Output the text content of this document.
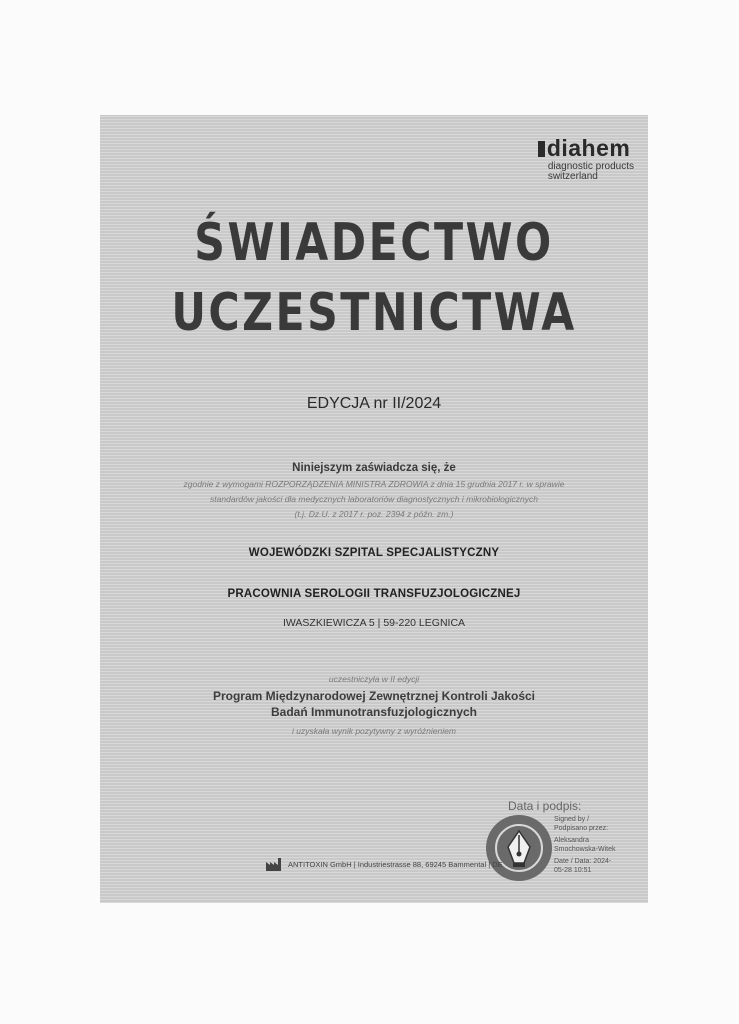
diahem
diagnostic products
switzerland
ŚWIADECTWO
UCZESTNICTWA
EDYCJA nr II/2024
Niniejszym zaświadcza się, że
zgodnie z wymogami ROZPORZĄDZENIA MINISTRA ZDROWIA z dnia 15 grudnia 2017 r. w sprawie
standardów jakości dla medycznych laboratoriów diagnostycznych i mikrobiologicznych
(t.j. Dz.U. z 2017 r. poz. 2394 z późn. zm.)
WOJEWÓDZKI SZPITAL SPECJALISTYCZNY
PRACOWNIA SEROLOGII TRANSFUZJOLOGICZNEJ
IWASZKIEWICZA 5 | 59-220 LEGNICA
uczestniczyła w II edycji
Program Międzynarodowej Zewnętrznej Kontroli Jakości
Badań Immunotransfuzjologicznych
i uzyskała wynik pozytywny z wyróżnieniem
Data i podpis:
Signed by /
Podpisano przez:
Aleksandra
Smochowska-Witek
Date / Data: 2024-
05-28 10:51
ANTITOXIN GmbH | Industriestrasse 88, 69245 Bammental | DE
